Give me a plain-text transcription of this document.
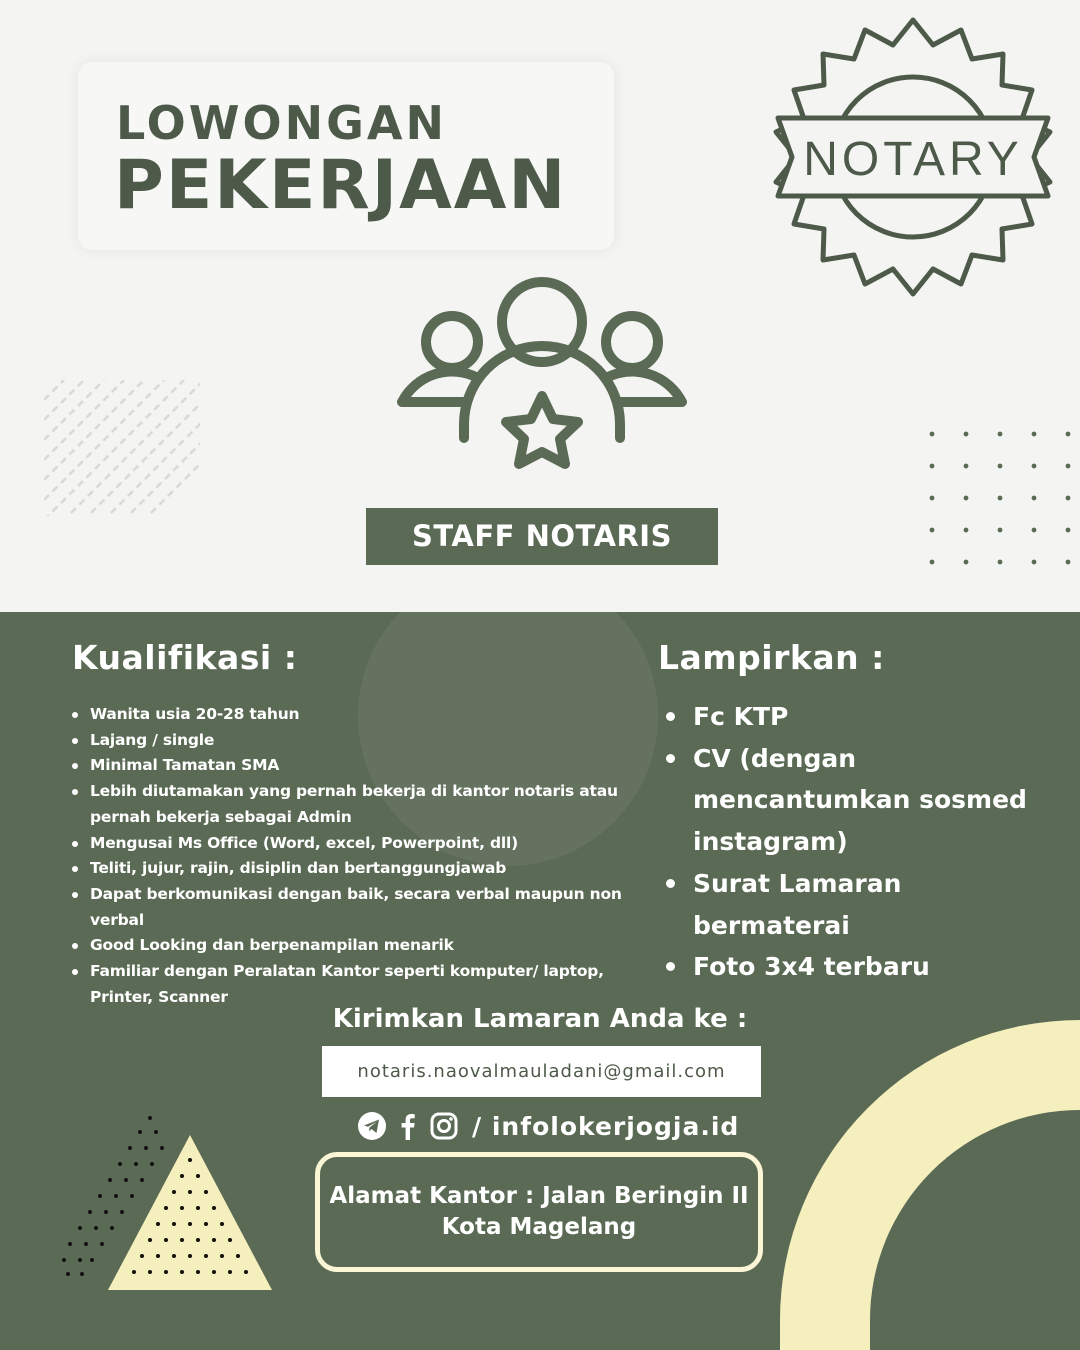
LOWONGAN
PEKERJAAN	NOTARY
STAFF NOTARIS
Kualifikasi :
Wanita usia 20-28 tahun
Lajang / single
Minimal Tamatan SMA
Lebih diutamakan yang pernah bekerja di kantor notaris atau pernah bekerja sebagai Admin
Mengusai Ms Office (Word, excel, Powerpoint, dll)
Teliti, jujur, rajin, disiplin dan bertanggungjawab
Dapat berkomunikasi dengan baik, secara verbal maupun non verbal
Good Looking dan berpenampilan menarik
Familiar dengan Peralatan Kantor seperti komputer/ laptop, Printer, Scanner
Lampirkan :
Fc KTP
CV (dengan mencantumkan sosmed instagram)
Surat Lamaran bermaterai
Foto 3x4 terbaru
Kirimkan Lamaran Anda ke :
notaris.naovalmauladani@gmail.com
/ infolokerjogja.id
Alamat Kantor : Jalan Beringin II
Kota Magelang
